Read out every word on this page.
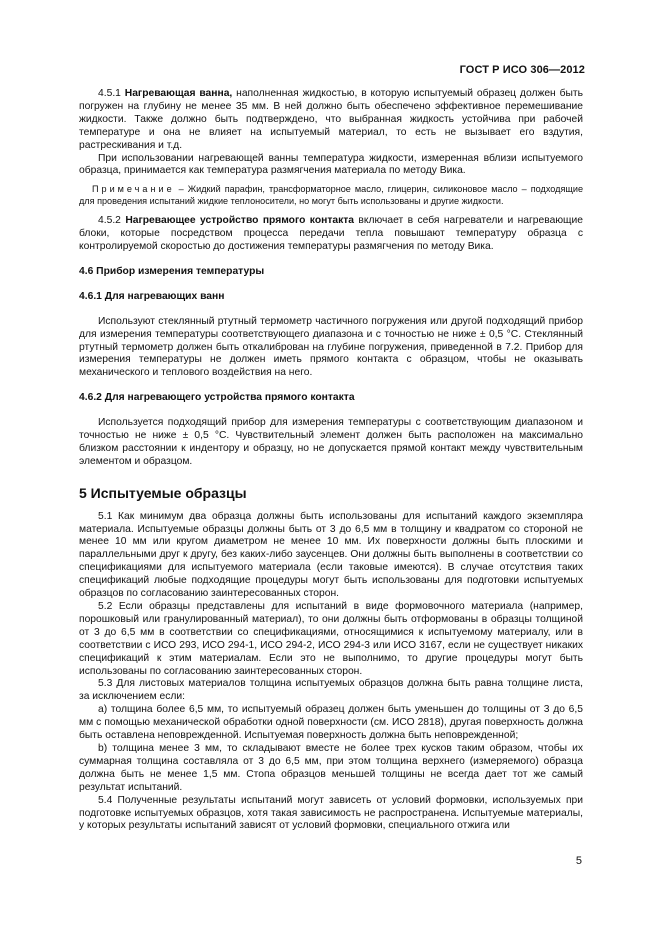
ГОСТ Р ИСО 306—2012

4.5.1 Нагревающая ванна, наполненная жидкостью, в которую испытуемый образец должен быть погружен на глубину не менее 35 мм. В ней должно быть обеспечено эффективное перемешивание жидкости. Также должно быть подтверждено, что выбранная жидкость устойчива при рабочей температуре и она не влияет на испытуемый материал, то есть не вызывает его вздутия, растрескивания и т.д.

При использовании нагревающей ванны температура жидкости, измеренная вблизи испытуемого образца, принимается как температура размягчения материала по методу Вика.

Примечание – Жидкий парафин, трансформаторное масло, глицерин, силиконовое масло – подходящие для проведения испытаний жидкие теплоносители, но могут быть использованы и другие жидкости.

4.5.2 Нагревающее устройство прямого контакта включает в себя нагреватели и нагревающие блоки, которые посредством процесса передачи тепла повышают температуру образца с контролируемой скоростью до достижения температуры размягчения по методу Вика.

4.6 Прибор измерения температуры

4.6.1 Для нагревающих ванн

Используют стеклянный ртутный термометр частичного погружения или другой подходящий прибор для измерения температуры соответствующего диапазона и с точностью не ниже ± 0,5 °C. Стеклянный ртутный термометр должен быть откалиброван на глубине погружения, приведенной в 7.2. Прибор для измерения температуры не должен иметь прямого контакта с образцом, чтобы не оказывать механического и теплового воздействия на него.

4.6.2 Для нагревающего устройства прямого контакта

Используется подходящий прибор для измерения температуры с соответствующим диапазоном и точностью не ниже ± 0,5 °C. Чувствительный элемент должен быть расположен на максимально близком расстоянии к индентору и образцу, но не допускается прямой контакт между чувствительным элементом и образцом.

5 Испытуемые образцы

5.1 Как минимум два образца должны быть использованы для испытаний каждого экземпляра материала. Испытуемые образцы должны быть от 3 до 6,5 мм в толщину и квадратом со стороной не менее 10 мм или кругом диаметром не менее 10 мм. Их поверхности должны быть плоскими и параллельными друг к другу, без каких-либо заусенцев. Они должны быть выполнены в соответствии со спецификациями для испытуемого материала (если таковые имеются). В случае отсутствия таких спецификаций любые подходящие процедуры могут быть использованы для подготовки испытуемых образцов по согласованию заинтересованных сторон.

5.2 Если образцы представлены для испытаний в виде формовочного материала (например, порошковый или гранулированный материал), то они должны быть отформованы в образцы толщиной от 3 до 6,5 мм в соответствии со спецификациями, относящимися к испытуемому материалу, или в соответствии с ИСО 293, ИСО 294-1, ИСО 294-2, ИСО 294-3 или ИСО 3167, если не существует никаких спецификаций к этим материалам. Если это не выполнимо, то другие процедуры могут быть использованы по согласованию заинтересованных сторон.

5.3 Для листовых материалов толщина испытуемых образцов должна быть равна толщине листа, за исключением если:

а) толщина более 6,5 мм, то испытуемый образец должен быть уменьшен до толщины от 3 до 6,5 мм с помощью механической обработки одной поверхности (см. ИСО 2818), другая поверхность должна быть оставлена неповрежденной. Испытуемая поверхность должна быть неповрежденной;

b) толщина менее 3 мм, то складывают вместе не более трех кусков таким образом, чтобы их суммарная толщина составляла от 3 до 6,5 мм, при этом толщина верхнего (измеряемого) образца должна быть не менее 1,5 мм. Стопа образцов меньшей толщины не всегда дает тот же самый результат испытаний.

5.4 Полученные результаты испытаний могут зависеть от условий формовки, используемых при подготовке испытуемых образцов, хотя такая зависимость не распространена. Испытуемые материалы, у которых результаты испытаний зависят от условий формовки, специального отжига или

5
